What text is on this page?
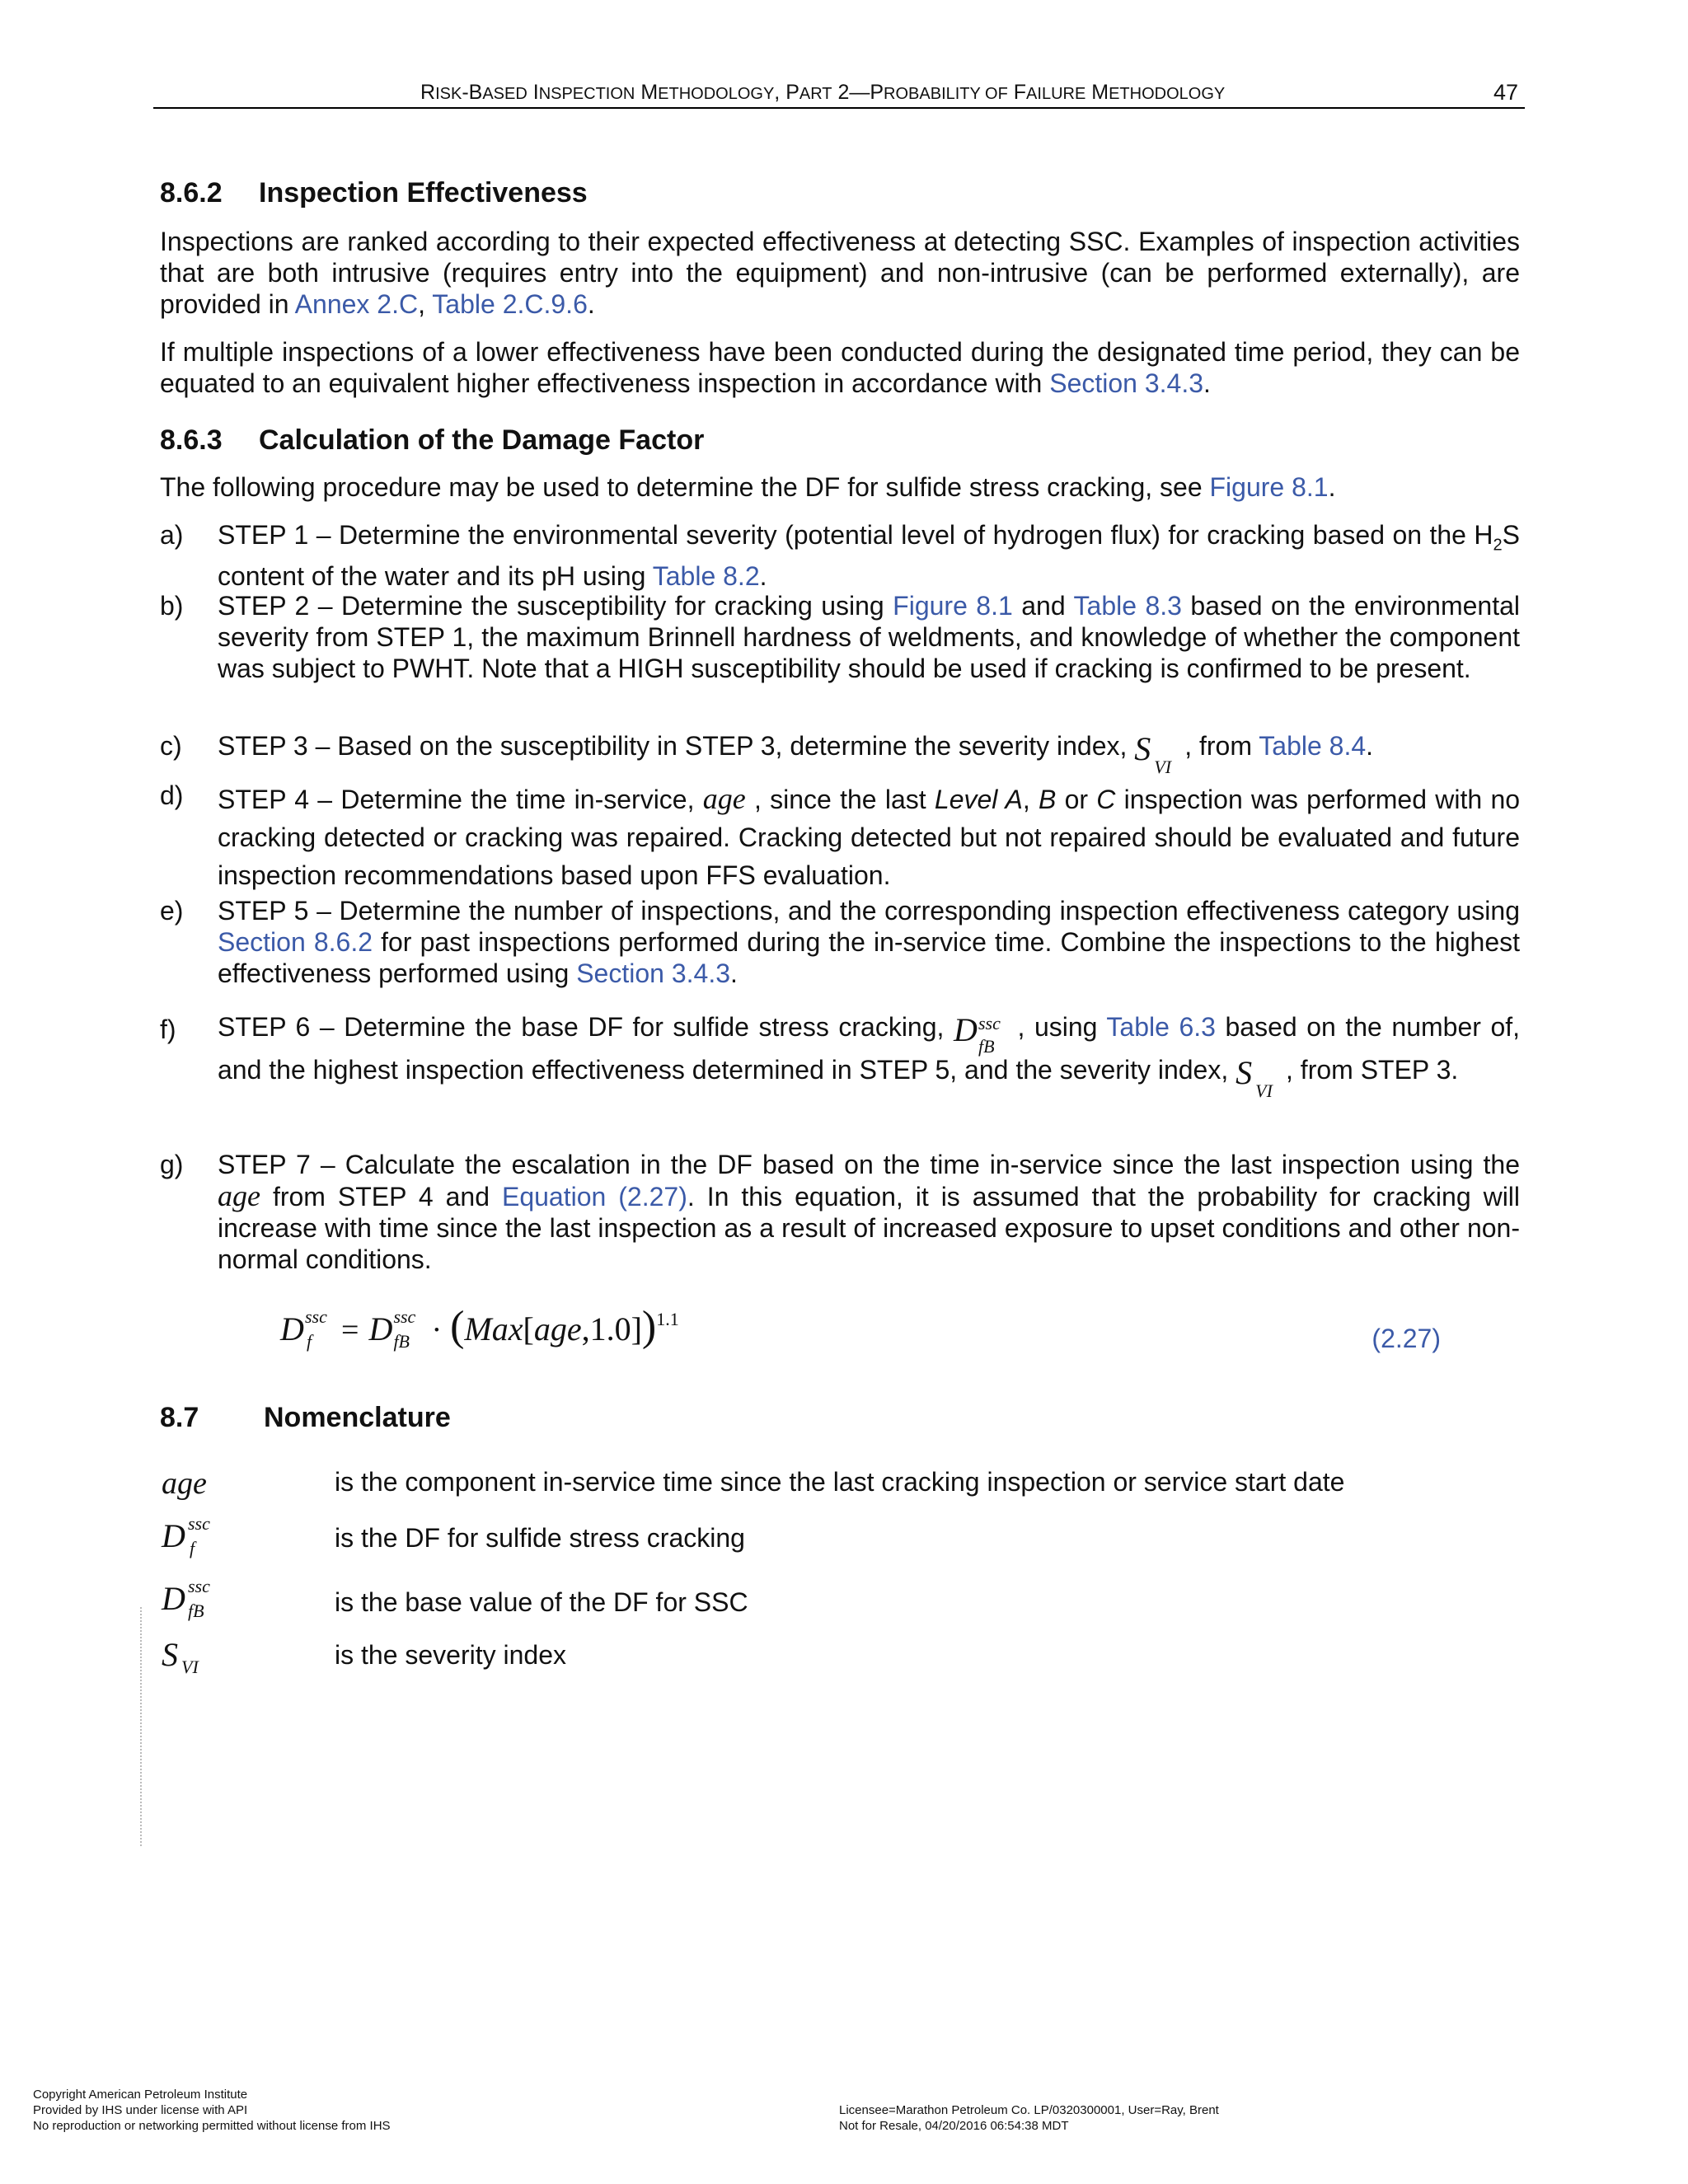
RISK-BASED INSPECTION METHODOLOGY, PART 2—PROBABILITY OF FAILURE METHODOLOGY	47
8.6.2 Inspection Effectiveness

Inspections are ranked according to their expected effectiveness at detecting SSC. Examples of inspection activities that are both intrusive (requires entry into the equipment) and non-intrusive (can be performed externally), are provided in Annex 2.C, Table 2.C.9.6.

If multiple inspections of a lower effectiveness have been conducted during the designated time period, they can be equated to an equivalent higher effectiveness inspection in accordance with Section 3.4.3.

8.6.3 Calculation of the Damage Factor

The following procedure may be used to determine the DF for sulfide stress cracking, see Figure 8.1.

a) STEP 1 – Determine the environmental severity (potential level of hydrogen flux) for cracking based on the $H_2S$ content of the water and its pH using Table 8.2.
b) STEP 2 – Determine the susceptibility for cracking using Figure 8.1 and Table 8.3 based on the environmental severity from STEP 1, the maximum Brinnell hardness of weldments, and knowledge of whether the component was subject to PWHT. Note that a HIGH susceptibility should be used if cracking is confirmed to be present.
c) STEP 3 – Based on the susceptibility in STEP 3, determine the severity index, S VI
, from Table 8.4.
d) STEP 4 – Determine the time in-service, age , since the last Level A, B or C inspection was performed with no cracking detected or cracking was repaired. Cracking detected but not repaired should be evaluated and future inspection recommendations based upon FFS evaluation.
e) STEP 5 – Determine the number of inspections, and the corresponding inspection effectiveness category using Section 8.6.2 for past inspections performed during the in-service time. Combine the inspections to the highest effectiveness performed using Section 3.4.3.
f) STEP 6 – Determine the base DF for sulfide stress cracking, D ssc
fB
, using Table 6.3 based on the number of, and the highest inspection effectiveness determined in STEP 5, and the severity index, S VI
, from STEP 3.
g) STEP 7 – Calculate the escalation in the DF based on the time in-service since the last inspection using the age from STEP 4 and Equation (2.27). In this equation, it is assumed that the probability for cracking will increase with time since the last inspection as a result of increased exposure to upset conditions and other non-normal conditions.
D ssc
f = D ssc
fB · $(Max[age,1.0])^{1.1}$
(2.27)
8.7 Nomenclature
age	is the component in-service time since the last cracking inspection or service start date
D ssc
f	is the DF for sulfide stress cracking
D ssc
fB	is the base value of the DF for SSC
S VI	is the severity index
Copyright American Petroleum Institute
Provided by IHS under license with API
No reproduction or networking permitted without license from IHS
Licensee=Marathon Petroleum Co. LP/0320300001, User=Ray, Brent
Not for Resale, 04/20/2016 06:54:38 MDT
